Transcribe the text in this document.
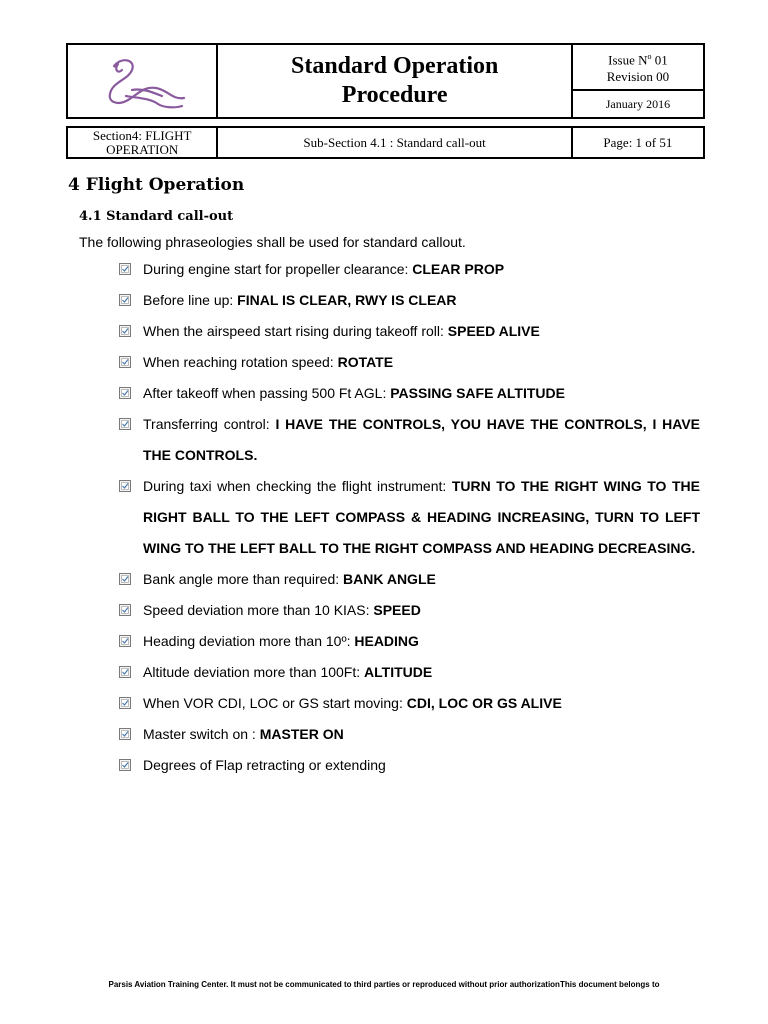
Standard Operation
Procedure

Issue $N^o$ 01
Revision 00

January 2016
Section4: FLIGHT OPERATION	Sub-Section 4.1 : Standard call-out	Page: 1 of 51
4 Flight Operation
4.1 Standard call-out
The following phraseologies shall be used for standard callout.
During engine start for propeller clearance: CLEAR PROP
Before line up: FINAL IS CLEAR, RWY IS CLEAR
When the airspeed start rising during takeoff roll: SPEED ALIVE
When reaching rotation speed: ROTATE
After takeoff when passing 500 Ft AGL: PASSING SAFE ALTITUDE
Transferring control: I HAVE THE CONTROLS, YOU HAVE THE CONTROLS, I HAVE THE CONTROLS.
During taxi when checking the flight instrument: TURN TO THE RIGHT WING TO THE RIGHT BALL TO THE LEFT COMPASS & HEADING INCREASING, TURN TO LEFT WING TO THE LEFT BALL TO THE RIGHT COMPASS AND HEADING DECREASING.
Bank angle more than required: BANK ANGLE
Speed deviation more than 10 KIAS: SPEED
Heading deviation more than 10º: HEADING
Altitude deviation more than 100Ft: ALTITUDE
When VOR CDI, LOC or GS start moving: CDI, LOC OR GS ALIVE
Master switch on : MASTER ON
Degrees of Flap retracting or extending
Parsis Aviation Training Center. It must not be communicated to third parties or reproduced without prior authorizationThis document belongs to
